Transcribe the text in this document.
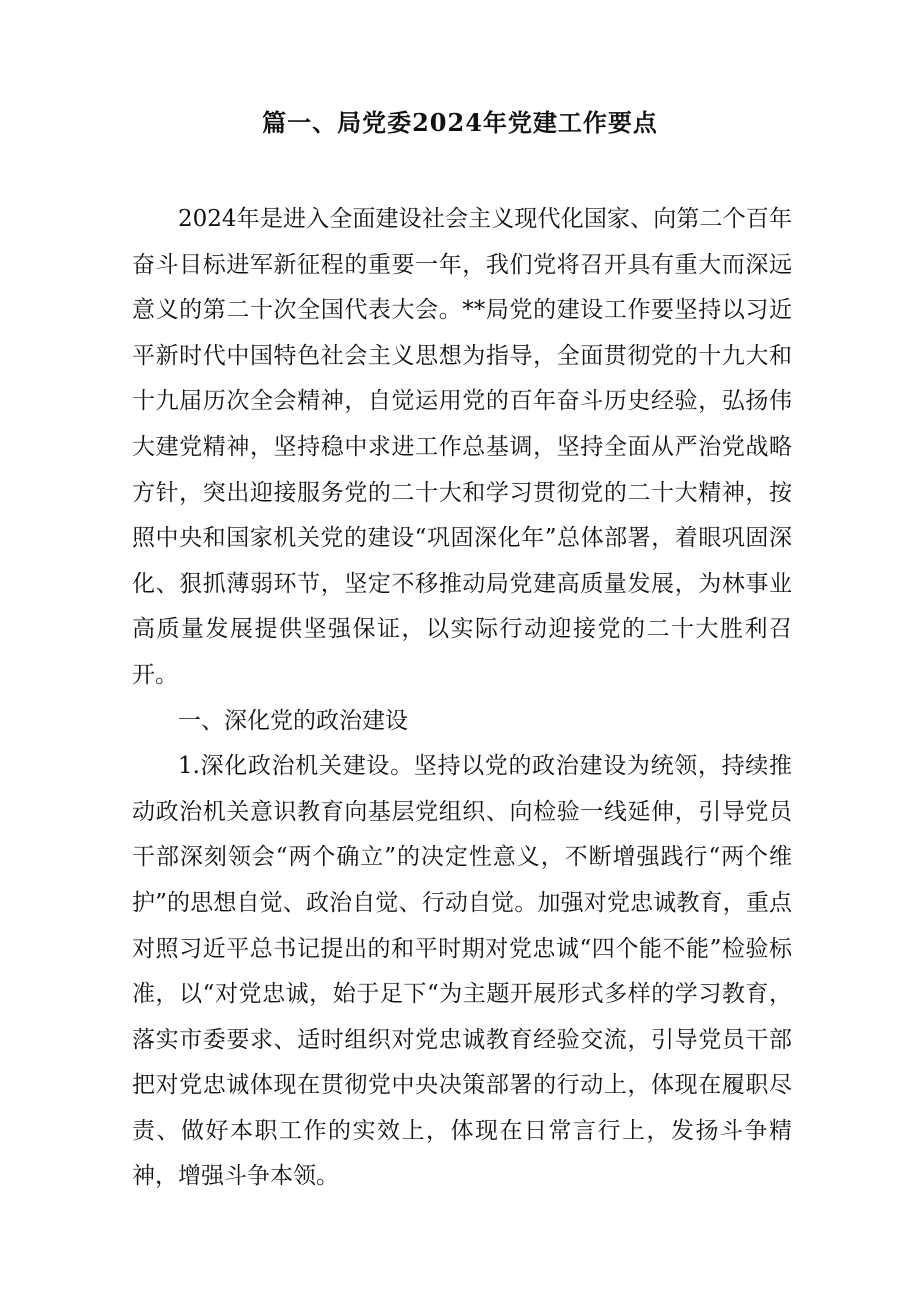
篇一、局党委2024年党建工作要点

2024年是进入全面建设社会主义现代化国家、向第二个百年奋斗目标进军新征程的重要一年，我们党将召开具有重大而深远意义的第二十次全国代表大会。**局党的建设工作要坚持以习近平新时代中国特色社会主义思想为指导，全面贯彻党的十九大和十九届历次全会精神，自觉运用党的百年奋斗历史经验，弘扬伟大建党精神，坚持稳中求进工作总基调，坚持全面从严治党战略方针，突出迎接服务党的二十大和学习贯彻党的二十大精神，按照中央和国家机关党的建设“巩固深化年”总体部署，着眼巩固深化、狠抓薄弱环节，坚定不移推动局党建高质量发展，为林事业高质量发展提供坚强保证，以实际行动迎接党的二十大胜利召开。

一、深化党的政治建设

1.深化政治机关建设。坚持以党的政治建设为统领，持续推动政治机关意识教育向基层党组织、向检验一线延伸，引导党员干部深刻领会“两个确立”的决定性意义，不断增强践行“两个维护”的思想自觉、政治自觉、行动自觉。加强对党忠诚教育，重点对照习近平总书记提出的和平时期对党忠诚“四个能不能”检验标准，以“对党忠诚，始于足下“为主题开展形式多样的学习教育，落实市委要求、适时组织对党忠诚教育经验交流，引导党员干部把对党忠诚体现在贯彻党中央决策部署的行动上，体现在履职尽责、做好本职工作的实效上，体现在日常言行上，发扬斗争精神，增强斗争本领。
